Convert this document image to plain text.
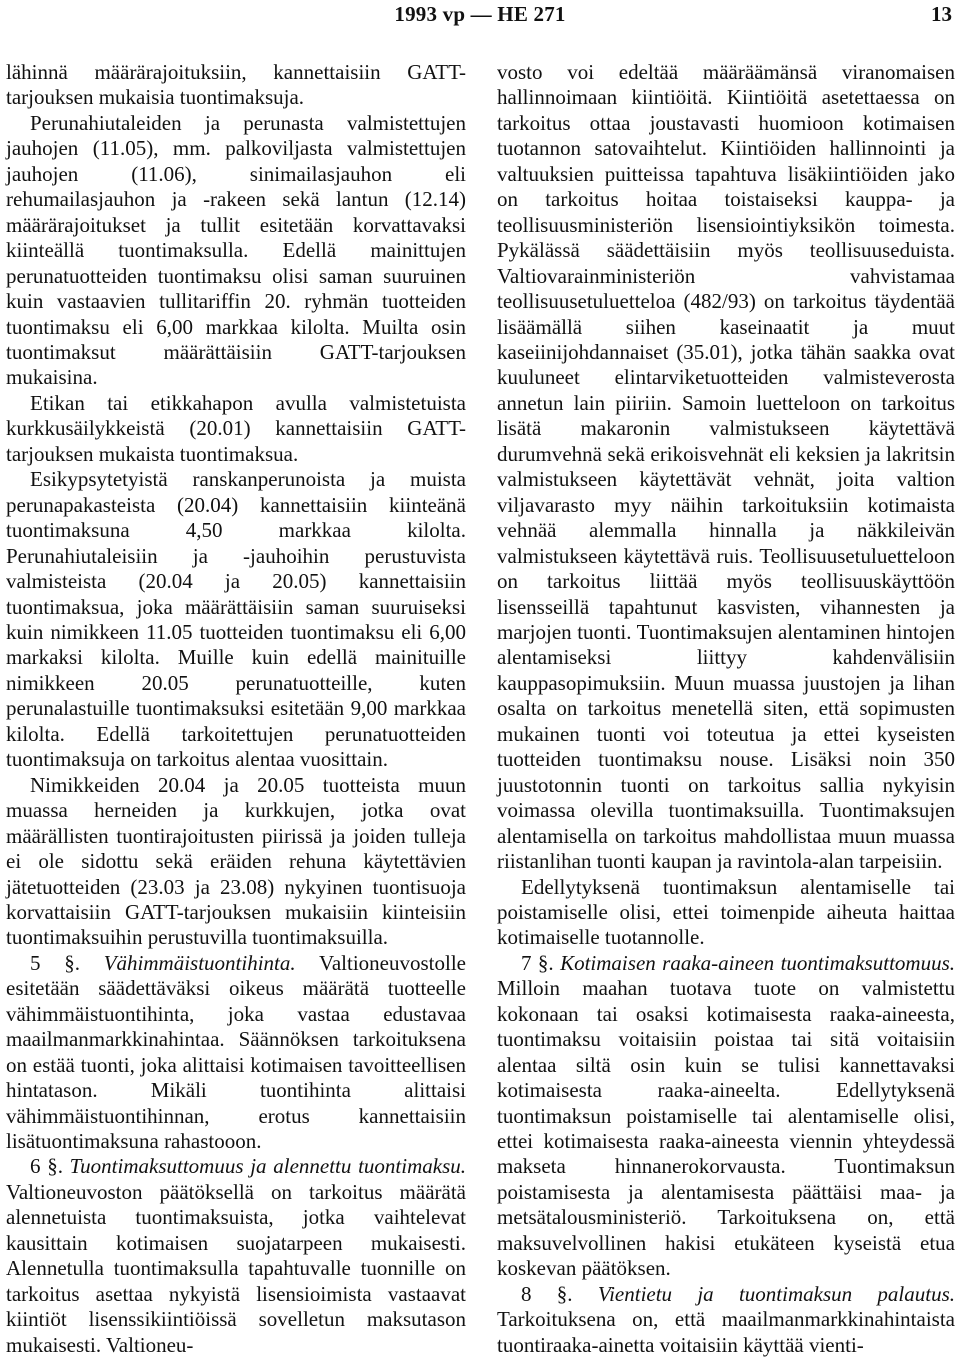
1993 vp — HE 271	13

lähinnä määrärajoituksiin, kannettaisiin GATT-tarjouksen mukaisia tuontimaksuja.

Perunahiutaleiden ja perunasta valmistettujen jauhojen (11.05), mm. palkoviljasta valmistettujen jauhojen (11.06), sinimailasjauhon eli rehumailasjauhon ja -rakeen sekä lantun (12.14) määrärajoitukset ja tullit esitetään korvattavaksi kiinteällä tuontimaksulla. Edellä mainittujen perunatuotteiden tuontimaksu olisi saman suuruinen kuin vastaavien tullitariffin 20. ryhmän tuotteiden tuontimaksu eli 6,00 markkaa kilolta. Muilta osin tuontimaksut määrättäisiin GATT-tarjouksen mukaisina.

Etikan tai etikkahapon avulla valmistetuista kurkkusäilykkeistä (20.01) kannettaisiin GATT-tarjouksen mukaista tuontimaksua.

Esikypsytetyistä ranskanperunoista ja muista perunapakasteista (20.04) kannettaisiin kiinteänä tuontimaksuna 4,50 markkaa kilolta. Perunahiutaleisiin ja -jauhoihin perustuvista valmisteista (20.04 ja 20.05) kannettaisiin tuontimaksua, joka määrättäisiin saman suuruiseksi kuin nimikkeen 11.05 tuotteiden tuontimaksu eli 6,00 markaksi kilolta. Muille kuin edellä mainituille nimikkeen 20.05 perunatuotteille, kuten perunalastuille tuontimaksuksi esitetään 9,00 markkaa kilolta. Edellä tarkoitettujen perunatuotteiden tuontimaksuja on tarkoitus alentaa vuosittain.

Nimikkeiden 20.04 ja 20.05 tuotteista muun muassa herneiden ja kurkkujen, jotka ovat määrällisten tuontirajoitusten piirissä ja joiden tulleja ei ole sidottu sekä eräiden rehuna käytettävien jätetuotteiden (23.03 ja 23.08) nykyinen tuontisuoja korvattaisiin GATT-tarjouksen mukaisiin kiinteisiin tuontimaksuihin perustuvilla tuontimaksuilla.

5 §. Vähimmäistuontihinta. Valtioneuvostolle esitetään säädettäväksi oikeus määrätä tuotteelle vähimmäistuontihinta, joka vastaa edustavaa maailmanmarkkinahintaa. Säännöksen tarkoituksena on estää tuonti, joka alittaisi kotimaisen tavoitteellisen hintatason. Mikäli tuontihinta alittaisi vähimmäistuontihinnan, erotus kannettaisiin lisätuontimaksuna rahastooon.

6 §. Tuontimaksuttomuus ja alennettu tuontimaksu. Valtioneuvoston päätöksellä on tarkoitus määrätä alennetuista tuontimaksuista, jotka vaihtelevat kausittain kotimaisen suojatarpeen mukaisesti. Alennetulla tuontimaksulla tapahtuvalle tuonnille on tarkoitus asettaa nykyistä lisensioimista vastaavat kiintiöt lisenssikiintiöissä sovelletun maksutason mukaisesti. Valtioneu-

vosto voi edeltää määräämänsä viranomaisen hallinnoimaan kiintiöitä. Kiintiöitä asetettaessa on tarkoitus ottaa joustavasti huomioon kotimaisen tuotannon satovaihtelut. Kiintiöiden hallinnointi ja valtuuksien puitteissa tapahtuva lisäkiintiöiden jako on tarkoitus hoitaa toistaiseksi kauppa- ja teollisuusministeriön lisensiointiyksikön toimesta. Pykälässä säädettäisiin myös teollisuuseduista. Valtiovarainministeriön vahvistamaa teollisuusetuluetteloa (482/93) on tarkoitus täydentää lisäämällä siihen kaseinaatit ja muut kaseiinijohdannaiset (35.01), jotka tähän saakka ovat kuuluneet elintarviketuotteiden valmisteverosta annetun lain piiriin. Samoin luetteloon on tarkoitus lisätä makaronin valmistukseen käytettävä durumvehnä sekä erikoisvehnät eli keksien ja lakritsin valmistukseen käytettävät vehnät, joita valtion viljavarasto myy näihin tarkoituksiin kotimaista vehnää alemmalla hinnalla ja näkkileivän valmistukseen käytettävä ruis. Teollisuusetuluetteloon on tarkoitus liittää myös teollisuuskäyttöön lisensseillä tapahtunut kasvisten, vihannesten ja marjojen tuonti. Tuontimaksujen alentaminen hintojen alentamiseksi liittyy kahdenvälisiin kauppasopimuksiin. Muun muassa juustojen ja lihan osalta on tarkoitus menetellä siten, että sopimusten mukainen tuonti voi toteutua ja ettei kyseisten tuotteiden tuontimaksu nouse. Lisäksi noin 350 juustotonnin tuonti on tarkoitus sallia nykyisin voimassa olevilla tuontimaksuilla. Tuontimaksujen alentamisella on tarkoitus mahdollistaa muun muassa riistanlihan tuonti kaupan ja ravintola-alan tarpeisiin.

Edellytyksenä tuontimaksun alentamiselle tai poistamiselle olisi, ettei toimenpide aiheuta haittaa kotimaiselle tuotannolle.

7 §. Kotimaisen raaka-aineen tuontimaksuttomuus. Milloin maahan tuotava tuote on valmistettu kokonaan tai osaksi kotimaisesta raaka-aineesta, tuontimaksu voitaisiin poistaa tai sitä voitaisiin alentaa siltä osin kuin se tulisi kannettavaksi kotimaisesta raaka-aineelta. Edellytyksenä tuontimaksun poistamiselle tai alentamiselle olisi, ettei kotimaisesta raaka-aineesta viennin yhteydessä makseta hinnanerokorvausta. Tuontimaksun poistamisesta ja alentamisesta päättäisi maa- ja metsätalousministeriö. Tarkoituksena on, että maksuvelvollinen hakisi etukäteen kyseistä etua koskevan päätöksen.

8 §. Vientietu ja tuontimaksun palautus. Tarkoituksena on, että maailmanmarkkinahintaista tuontiraaka-ainetta voitaisiin käyttää vienti-
